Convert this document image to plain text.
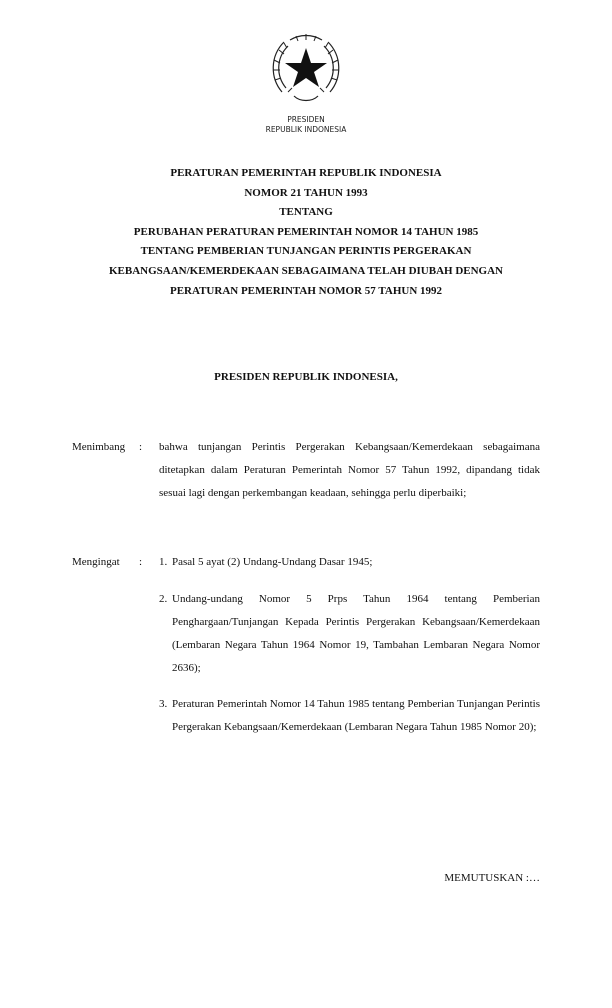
PRESIDEN
REPUBLIK INDONESIA
PERATURAN PEMERINTAH REPUBLIK INDONESIA
NOMOR 21 TAHUN 1993
TENTANG
PERUBAHAN PERATURAN PEMERINTAH NOMOR 14 TAHUN 1985
TENTANG PEMBERIAN TUNJANGAN PERINTIS PERGERAKAN
KEBANGSAAN/KEMERDEKAAN SEBAGAIMANA TELAH DIUBAH DENGAN
PERATURAN PEMERINTAH NOMOR 57 TAHUN 1992
PRESIDEN REPUBLIK INDONESIA,
Menimbang : bahwa tunjangan Perintis Pergerakan Kebangsaan/Kemerdekaan sebagaimana ditetapkan dalam Peraturan Pemerintah Nomor 57 Tahun 1992, dipandang tidak sesuai lagi dengan perkembangan keadaan, sehingga perlu diperbaiki;
Mengingat : 1. Pasal 5 ayat (2) Undang-Undang Dasar 1945;
2. Undang-undang Nomor 5 Prps Tahun 1964 tentang Pemberian Penghargaan/Tunjangan Kepada Perintis Pergerakan Kebangsaan/Kemerdekaan (Lembaran Negara Tahun 1964 Nomor 19, Tambahan Lembaran Negara Nomor 2636);
3. Peraturan Pemerintah Nomor 14 Tahun 1985 tentang Pemberian Tunjangan Perintis Pergerakan Kebangsaan/Kemerdekaan (Lembaran Negara Tahun 1985 Nomor 20);
MEMUTUSKAN :…
